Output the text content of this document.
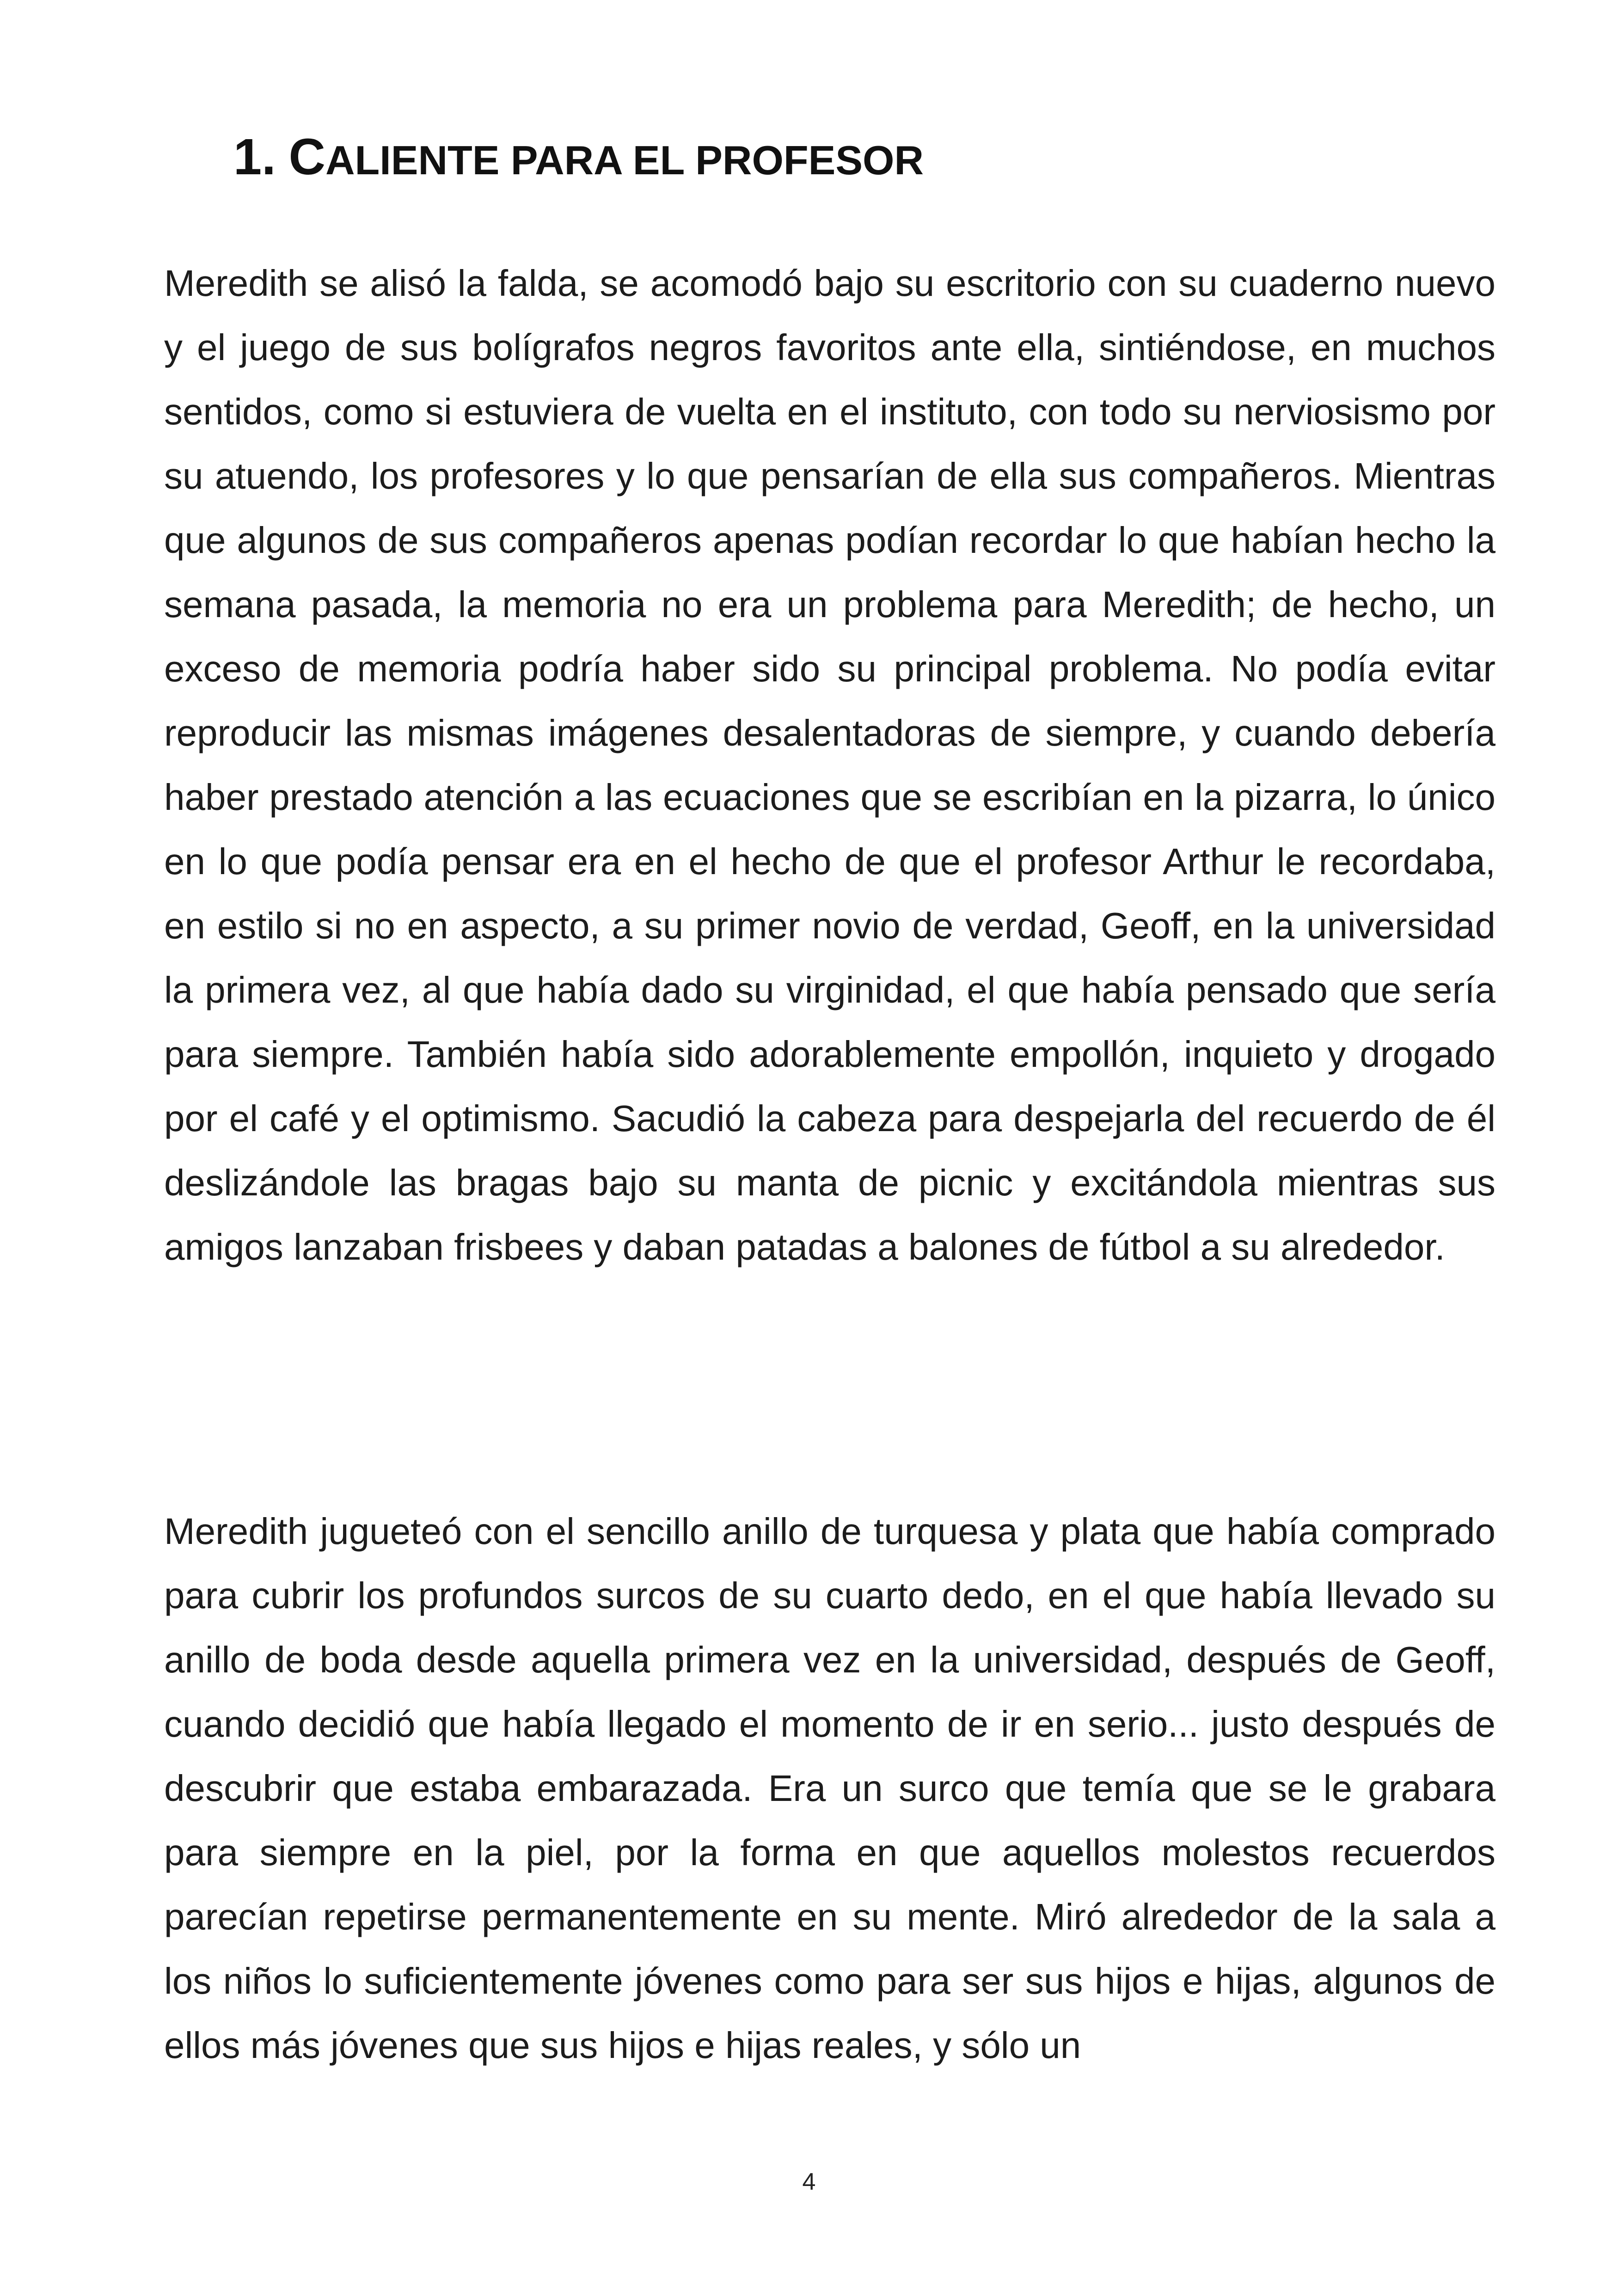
1. CALIENTE PARA EL PROFESOR

Meredith se alisó la falda, se acomodó bajo su escritorio con su cuaderno nuevo y el juego de sus bolígrafos negros favoritos ante ella, sintiéndose, en muchos sentidos, como si estuviera de vuelta en el instituto, con todo su nerviosismo por su atuendo, los profesores y lo que pensarían de ella sus compañeros. Mientras que algunos de sus compañeros apenas podían recordar lo que habían hecho la semana pasada, la memoria no era un problema para Meredith; de hecho, un exceso de memoria podría haber sido su principal problema. No podía evitar reproducir las mismas imágenes desalentadoras de siempre, y cuando debería haber prestado atención a las ecuaciones que se escribían en la pizarra, lo único en lo que podía pensar era en el hecho de que el profesor Arthur le recordaba, en estilo si no en aspecto, a su primer novio de verdad, Geoff, en la universidad la primera vez, al que había dado su virginidad, el que había pensado que sería para siempre. También había sido adorablemente empollón, inquieto y drogado por el café y el optimismo. Sacudió la cabeza para despejarla del recuerdo de él deslizándole las bragas bajo su manta de picnic y excitándola mientras sus amigos lanzaban frisbees y daban patadas a balones de fútbol a su alrededor.

Meredith jugueteó con el sencillo anillo de turquesa y plata que había comprado para cubrir los profundos surcos de su cuarto dedo, en el que había llevado su anillo de boda desde aquella primera vez en la universidad, después de Geoff, cuando decidió que había llegado el momento de ir en serio... justo después de descubrir que estaba embarazada. Era un surco que temía que se le grabara para siempre en la piel, por la forma en que aquellos molestos recuerdos parecían repetirse permanentemente en su mente. Miró alrededor de la sala a los niños lo suficientemente jóvenes como para ser sus hijos e hijas, algunos de ellos más jóvenes que sus hijos e hijas reales, y sólo un

4
